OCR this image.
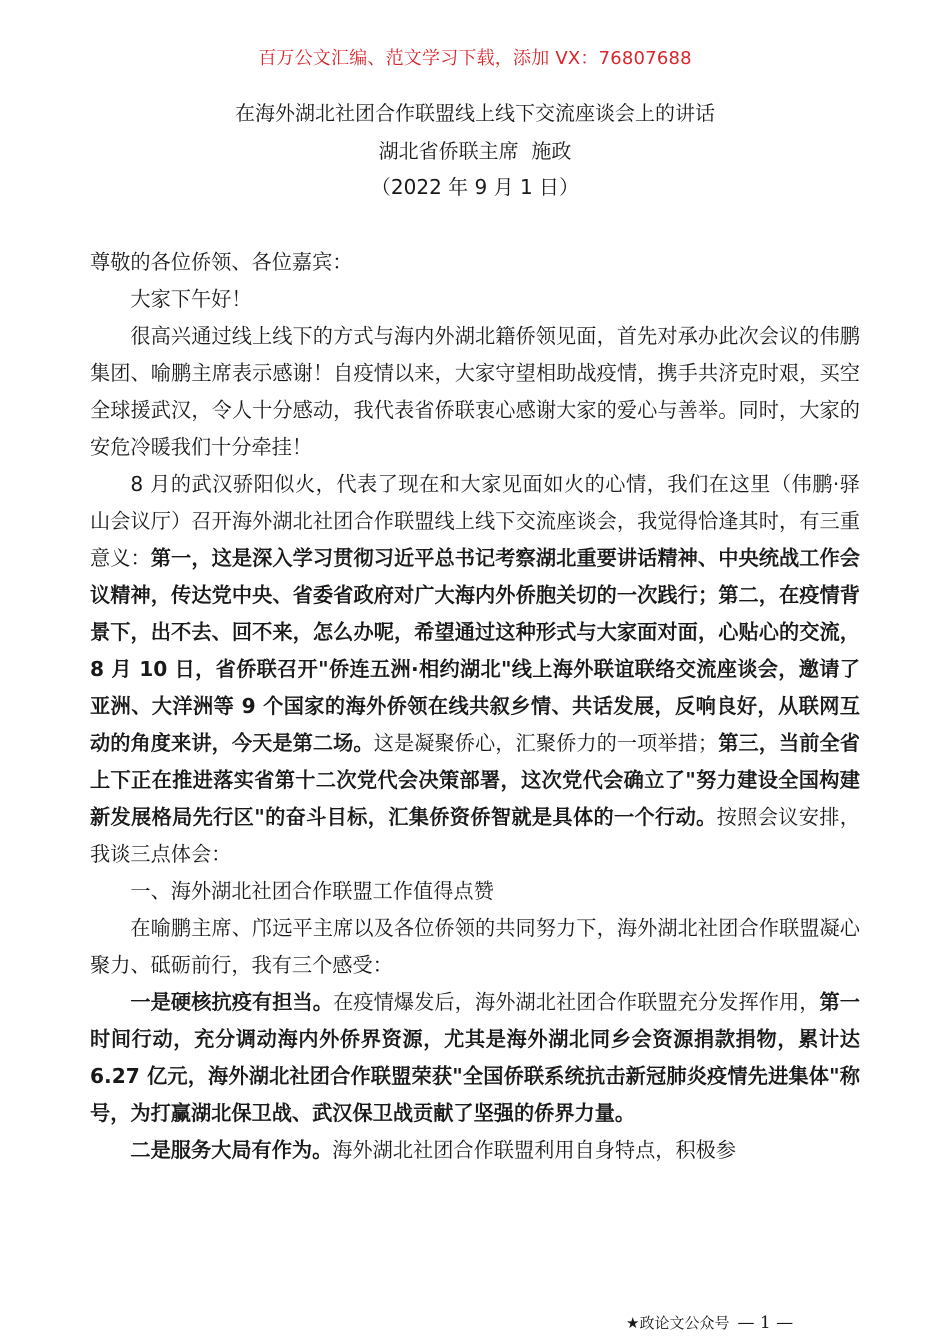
百万公文汇编、范文学习下载，添加 VX：76807688
在海外湖北社团合作联盟线上线下交流座谈会上的讲话
湖北省侨联主席  施政
（2022 年 9 月 1 日）

尊敬的各位侨领、各位嘉宾：

大家下午好！

很高兴通过线上线下的方式与海内外湖北籍侨领见面，首先对承办此次会议的伟鹏集团、喻鹏主席表示感谢！自疫情以来，大家守望相助战疫情，携手共济克时艰，买空全球援武汉，令人十分感动，我代表省侨联衷心感谢大家的爱心与善举。同时，大家的安危冷暖我们十分牵挂！

8 月的武汉骄阳似火，代表了现在和大家见面如火的心情，我们在这里（伟鹏·驿山会议厅）召开海外湖北社团合作联盟线上线下交流座谈会，我觉得恰逢其时，有三重意义：第一，这是深入学习贯彻习近平总书记考察湖北重要讲话精神、中央统战工作会议精神，传达党中央、省委省政府对广大海内外侨胞关切的一次践行；第二，在疫情背景下，出不去、回不来，怎么办呢，希望通过这种形式与大家面对面，心贴心的交流，8 月 10 日，省侨联召开"侨连五洲·相约湖北"线上海外联谊联络交流座谈会，邀请了亚洲、大洋洲等 9 个国家的海外侨领在线共叙乡情、共话发展，反响良好，从联网互动的角度来讲，今天是第二场。这是凝聚侨心，汇聚侨力的一项举措；第三，当前全省上下正在推进落实省第十二次党代会决策部署，这次党代会确立了"努力建设全国构建新发展格局先行区"的奋斗目标，汇集侨资侨智就是具体的一个行动。按照会议安排，我谈三点体会：

一、海外湖北社团合作联盟工作值得点赞

在喻鹏主席、邝远平主席以及各位侨领的共同努力下，海外湖北社团合作联盟凝心聚力、砥砺前行，我有三个感受：

一是硬核抗疫有担当。在疫情爆发后，海外湖北社团合作联盟充分发挥作用，第一时间行动，充分调动海内外侨界资源，尤其是海外湖北同乡会资源捐款捐物，累计达 6.27 亿元，海外湖北社团合作联盟荣获"全国侨联系统抗击新冠肺炎疫情先进集体"称号，为打赢湖北保卫战、武汉保卫战贡献了坚强的侨界力量。

二是服务大局有作为。海外湖北社团合作联盟利用自身特点，积极参

★政论文公众号 — 1 —
